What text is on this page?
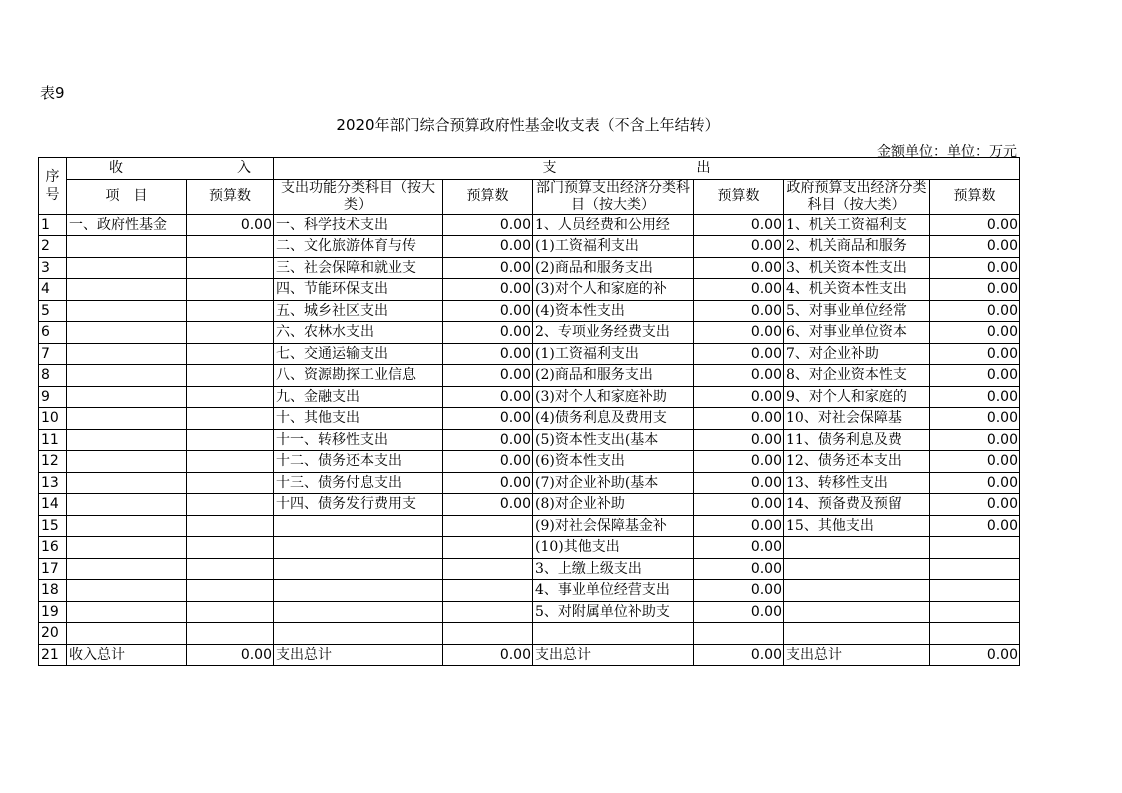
表9
2020年部门综合预算政府性基金收支表（不含上年结转）
金额单位：单位：万元
序号	收 入		支 出					

	项　目	预算数	支出功能分类科目（按大类）	预算数	部门预算支出经济分类科目（按大类）	预算数	政府预算支出经济分类科目（按大类）	预算数
1	一、政府性基金	0.00	一、科学技术支出	0.00	1、人员经费和公用经	0.00	1、机关工资福利支	0.00
2			二、文化旅游体育与传	0.00	(1)工资福利支出	0.00	2、机关商品和服务	0.00
3			三、社会保障和就业支	0.00	(2)商品和服务支出	0.00	3、机关资本性支出	0.00
4			四、节能环保支出	0.00	(3)对个人和家庭的补	0.00	4、机关资本性支出	0.00
5			五、城乡社区支出	0.00	(4)资本性支出	0.00	5、对事业单位经常	0.00
6			六、农林水支出	0.00	2、专项业务经费支出	0.00	6、对事业单位资本	0.00
7			七、交通运输支出	0.00	(1)工资福利支出	0.00	7、对企业补助	0.00
8			八、资源勘探工业信息	0.00	(2)商品和服务支出	0.00	8、对企业资本性支	0.00
9			九、金融支出	0.00	(3)对个人和家庭补助	0.00	9、对个人和家庭的	0.00
10			十、其他支出	0.00	(4)债务利息及费用支	0.00	10、对社会保障基	0.00
11			十一、转移性支出	0.00	(5)资本性支出(基本	0.00	11、债务利息及费	0.00
12			十二、债务还本支出	0.00	(6)资本性支出	0.00	12、债务还本支出	0.00
13			十三、债务付息支出	0.00	(7)对企业补助(基本	0.00	13、转移性支出	0.00
14			十四、债务发行费用支	0.00	(8)对企业补助	0.00	14、预备费及预留	0.00
15					(9)对社会保障基金补	0.00	15、其他支出	0.00
16					(10)其他支出	0.00		
17					3、上缴上级支出	0.00		
18					4、事业单位经营支出	0.00		
19					5、对附属单位补助支	0.00		
20								
21	收入总计	0.00	支出总计	0.00	支出总计	0.00	支出总计	0.00
